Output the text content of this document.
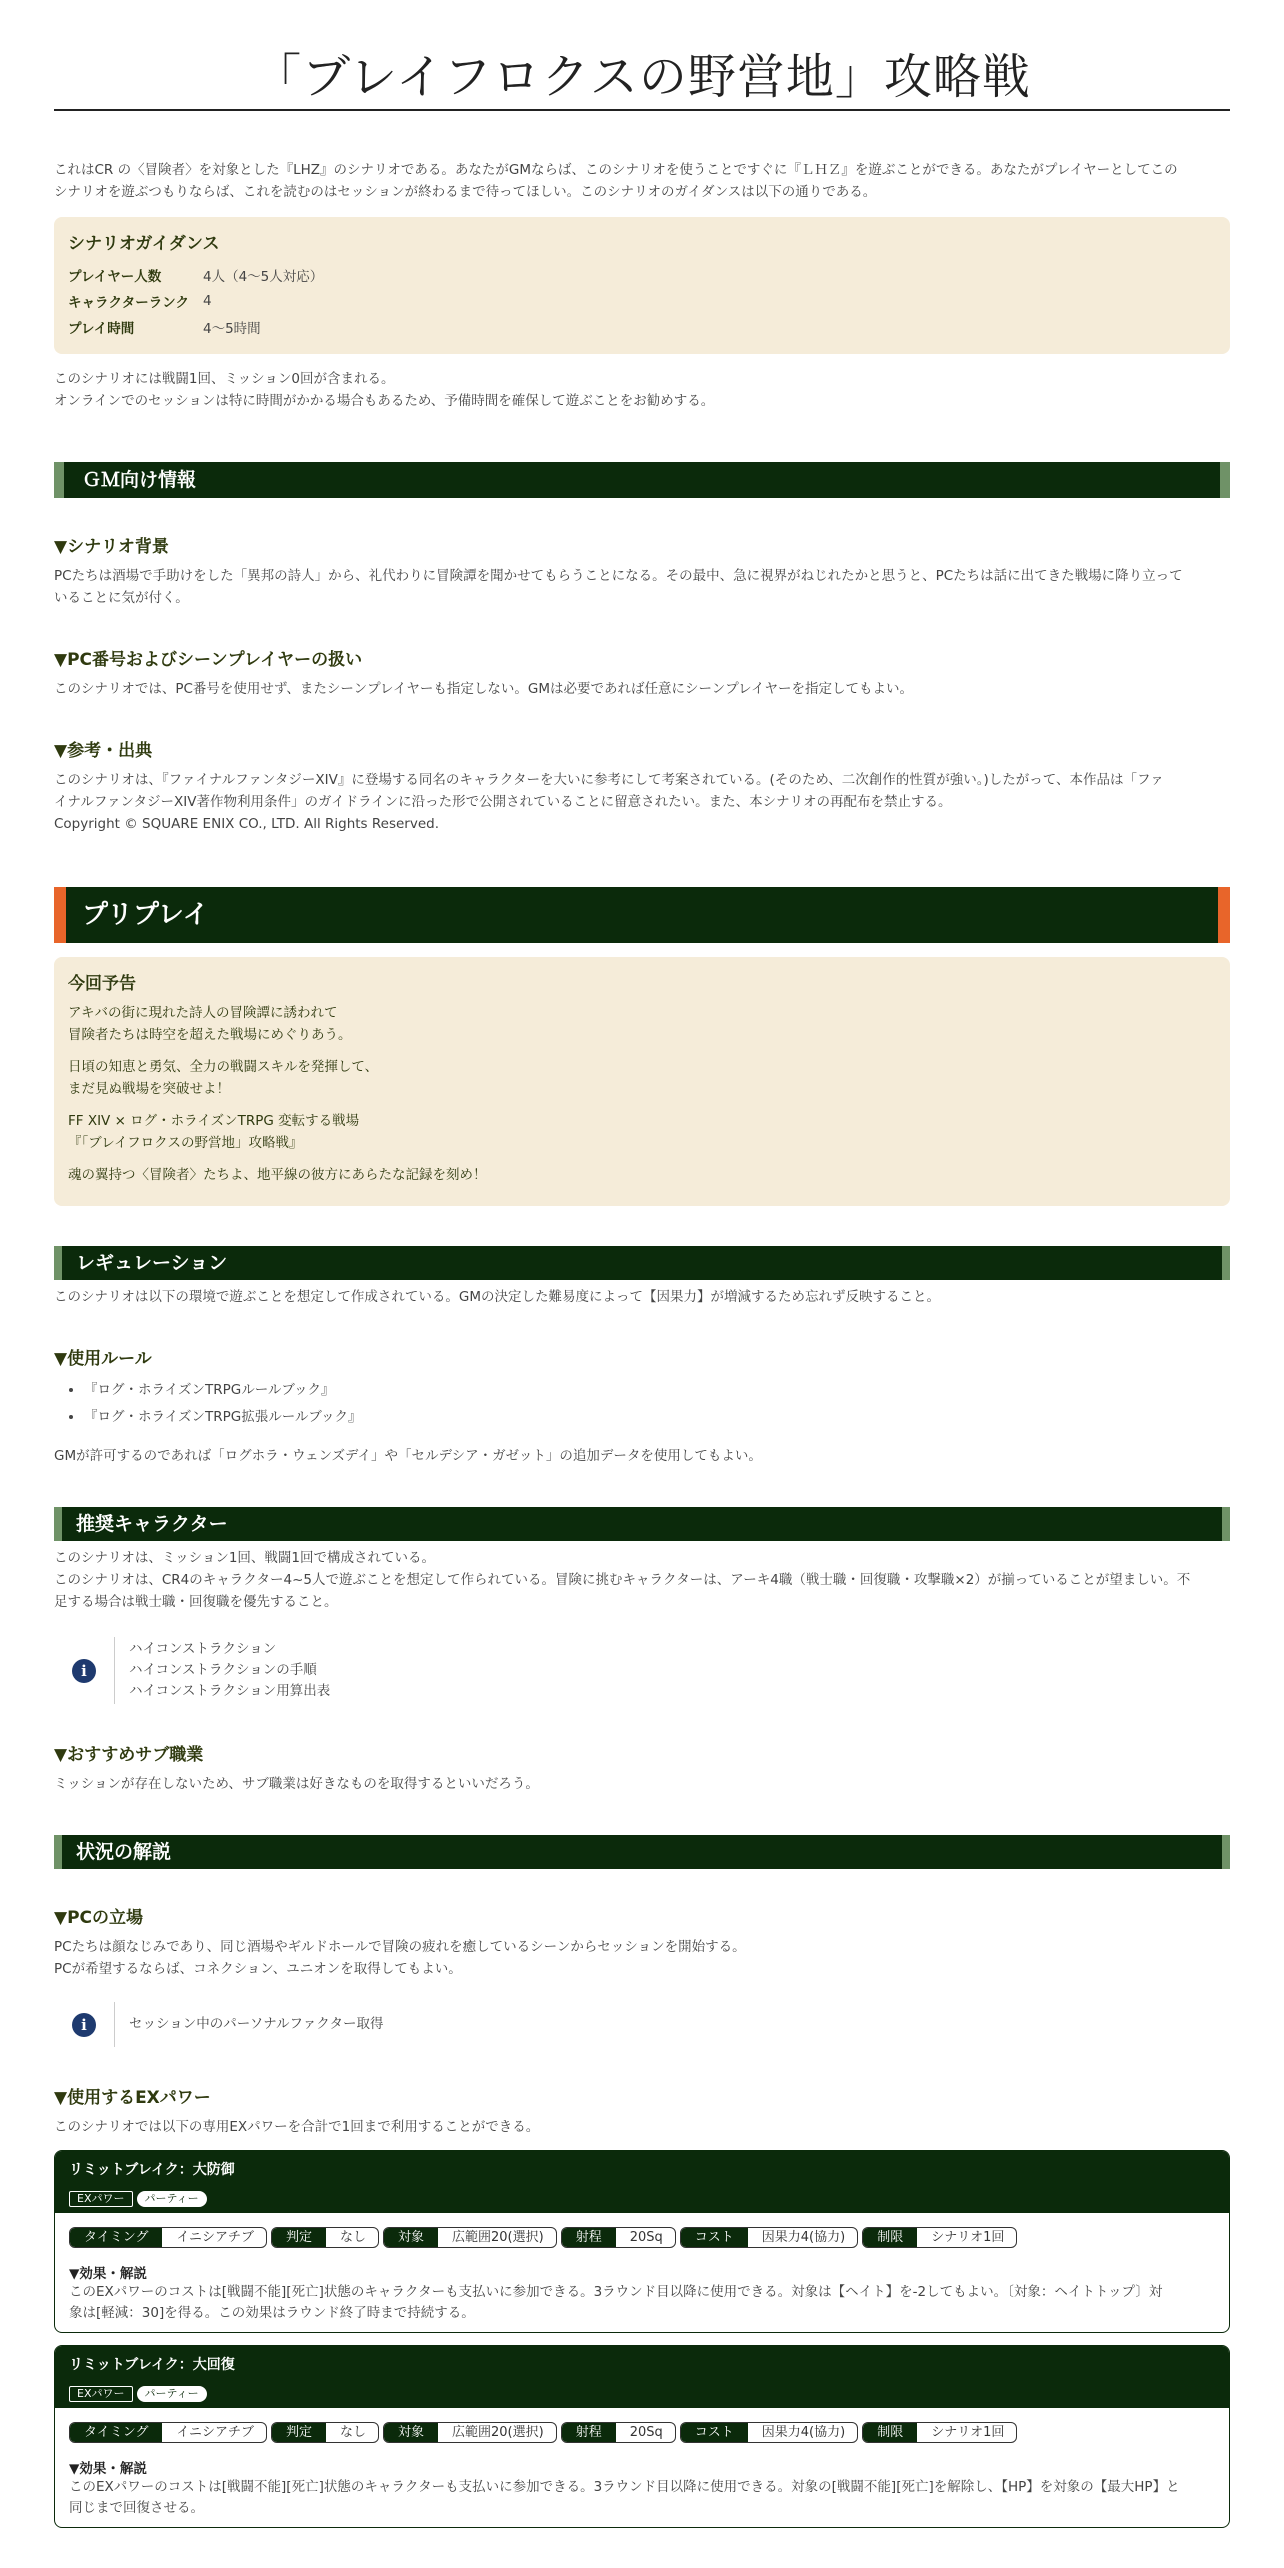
「ブレイフロクスの野営地」攻略戦

これはCR の〈冒険者〉を対象とした『LHZ』のシナリオである。あなたがGMならば、このシナリオを使うことですぐに『ＬＨＺ』を遊ぶことができる。あなたがプレイヤーとしてこの
シナリオを遊ぶつもりならば、これを読むのはセッションが終わるまで待ってほしい。このシナリオのガイダンスは以下の通りである。

シナリオガイダンス
プレイヤー人数	4人（4～5人対応）
キャラクターランク	4
プレイ時間	4～5時間

このシナリオには戦闘1回、ミッション0回が含まれる。
オンラインでのセッションは特に時間がかかる場合もあるため、予備時間を確保して遊ぶことをお勧めする。

ＧＭ向け情報
▼シナリオ背景

PCたちは酒場で手助けをした「異邦の詩人」から、礼代わりに冒険譚を聞かせてもらうことになる。その最中、急に視界がねじれたかと思うと、PCたちは話に出てきた戦場に降り立って
いることに気が付く。

▼PC番号およびシーンプレイヤーの扱い

このシナリオでは、PC番号を使用せず、またシーンプレイヤーも指定しない。GMは必要であれば任意にシーンプレイヤーを指定してもよい。

▼参考・出典

このシナリオは、『ファイナルファンタジーXIV』に登場する同名のキャラクターを大いに参考にして考案されている。(そのため、二次創作的性質が強い。)したがって、本作品は「ファ
イナルファンタジーXIV著作物利用条件」のガイドラインに沿った形で公開されていることに留意されたい。また、本シナリオの再配布を禁止する。
Copyright © SQUARE ENIX CO., LTD. All Rights Reserved.

プリプレイ
今回予告

アキバの街に現れた詩人の冒険譚に誘われて
冒険者たちは時空を超えた戦場にめぐりあう。

日頃の知恵と勇気、全力の戦闘スキルを発揮して、
まだ見ぬ戦場を突破せよ！

FF XIV × ログ・ホライズンTRPG 変転する戦場
『「ブレイフロクスの野営地」攻略戦』

魂の翼持つ〈冒険者〉たちよ、地平線の彼方にあらたな記録を刻め！

レギュレーション

このシナリオは以下の環境で遊ぶことを想定して作成されている。GMの決定した難易度によって【因果力】が増減するため忘れず反映すること。

▼使用ルール
• 『ログ・ホライズンTRPGルールブック』
• 『ログ・ホライズンTRPG拡張ルールブック』

GMが許可するのであれば「ログホラ・ウェンズデイ」や「セルデシア・ガゼット」の追加データを使用してもよい。

推奨キャラクター

このシナリオは、ミッション1回、戦闘1回で構成されている。
このシナリオは、CR4のキャラクター4~5人で遊ぶことを想定して作られている。冒険に挑むキャラクターは、アーキ4職（戦士職・回復職・攻撃職×2）が揃っていることが望ましい。不
足する場合は戦士職・回復職を優先すること。

i
ハイコンストラクション
ハイコンストラクションの手順
ハイコンストラクション用算出表
▼おすすめサブ職業

ミッションが存在しないため、サブ職業は好きなものを取得するといいだろう。

状況の解説
▼PCの立場

PCたちは顔なじみであり、同じ酒場やギルドホールで冒険の疲れを癒しているシーンからセッションを開始する。
PCが希望するならば、コネクション、ユニオンを取得してもよい。

i	セッション中のパーソナルファクター取得
▼使用するEXパワー

このシナリオでは以下の専用EXパワーを合計で1回まで利用することができる。

リミットブレイク：大防御
EXパワー パーティー
タイミング	イニシアチブ	判定	なし	対象	広範囲20(選択)	射程	20Sq	コスト	因果力4(協力)	制限	シナリオ1回
▼効果・解説
このEXパワーのコストは[戦闘不能][死亡]状態のキャラクターも支払いに参加できる。3ラウンド目以降に使用できる。対象は【ヘイト】を-2してもよい。〔対象：ヘイトトップ〕対
象は[軽減：30]を得る。この効果はラウンド終了時まで持続する。
リミットブレイク：大回復
EXパワー パーティー
タイミング	イニシアチブ	判定	なし	対象	広範囲20(選択)	射程	20Sq	コスト	因果力4(協力)	制限	シナリオ1回
▼効果・解説
このEXパワーのコストは[戦闘不能][死亡]状態のキャラクターも支払いに参加できる。3ラウンド目以降に使用できる。対象の[戦闘不能][死亡]を解除し、【HP】を対象の【最大HP】と
同じまで回復させる。
